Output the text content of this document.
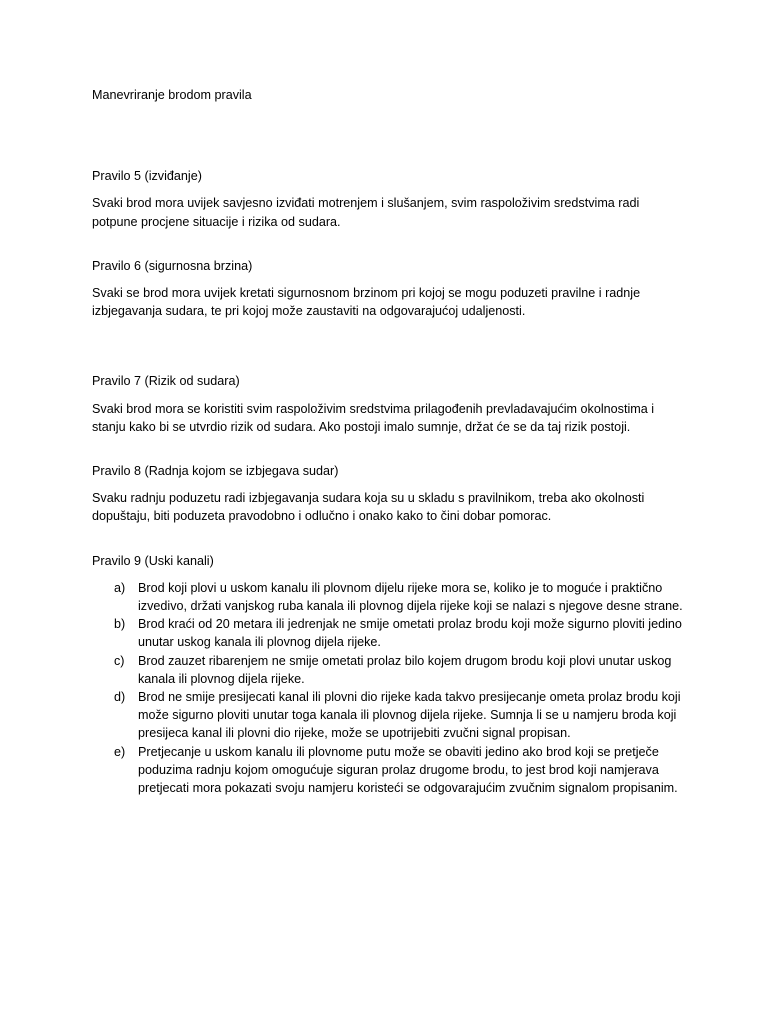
Manevriranje brodom pravila
Pravilo 5 (izviđanje)

Svaki brod mora uvijek savjesno izviđati motrenjem i slušanjem, svim raspoloživim sredstvima radi potpune procjene situacije i rizika od sudara.

Pravilo 6 (sigurnosna brzina)

Svaki se brod mora uvijek kretati sigurnosnom brzinom pri kojoj se mogu poduzeti pravilne i radnje izbjegavanja sudara, te pri kojoj može zaustaviti na odgovarajućoj udaljenosti.

Pravilo 7 (Rizik od sudara)

Svaki brod mora se koristiti svim raspoloživim sredstvima prilagođenih prevladavajućim okolnostima i stanju kako bi se utvrdio rizik od sudara. Ako postoji imalo sumnje, držat će se da taj rizik postoji.

Pravilo 8 (Radnja kojom se izbjegava sudar)

Svaku radnju poduzetu radi izbjegavanja sudara koja su u skladu s pravilnikom, treba ako okolnosti dopuštaju, biti poduzeta pravodobno i odlučno i onako kako to čini dobar pomorac.

Pravilo 9 (Uski kanali)
a) Brod koji plovi u uskom kanalu ili plovnom dijelu rijeke mora se, koliko je to moguće i praktično izvedivo, držati vanjskog ruba kanala ili plovnog dijela rijeke koji se nalazi s njegove desne strane.
b) Brod kraći od 20 metara ili jedrenjak ne smije ometati prolaz brodu koji može sigurno ploviti jedino unutar uskog kanala ili plovnog dijela rijeke.
c) Brod zauzet ribarenjem ne smije ometati prolaz bilo kojem drugom brodu koji plovi unutar uskog kanala ili plovnog dijela rijeke.
d) Brod ne smije presijecati kanal ili plovni dio rijeke kada takvo presijecanje ometa prolaz brodu koji može sigurno ploviti unutar toga kanala ili plovnog dijela rijeke. Sumnja li se u namjeru broda koji presijeca kanal ili plovni dio rijeke, može se upotrijebiti zvučni signal propisan.
e) Pretjecanje u uskom kanalu ili plovnome putu može se obaviti jedino ako brod koji se pretječe poduzima radnju kojom omogućuje siguran prolaz drugome brodu, to jest brod koji namjerava pretjecati mora pokazati svoju namjeru koristeći se odgovarajućim zvučnim signalom propisanim.
